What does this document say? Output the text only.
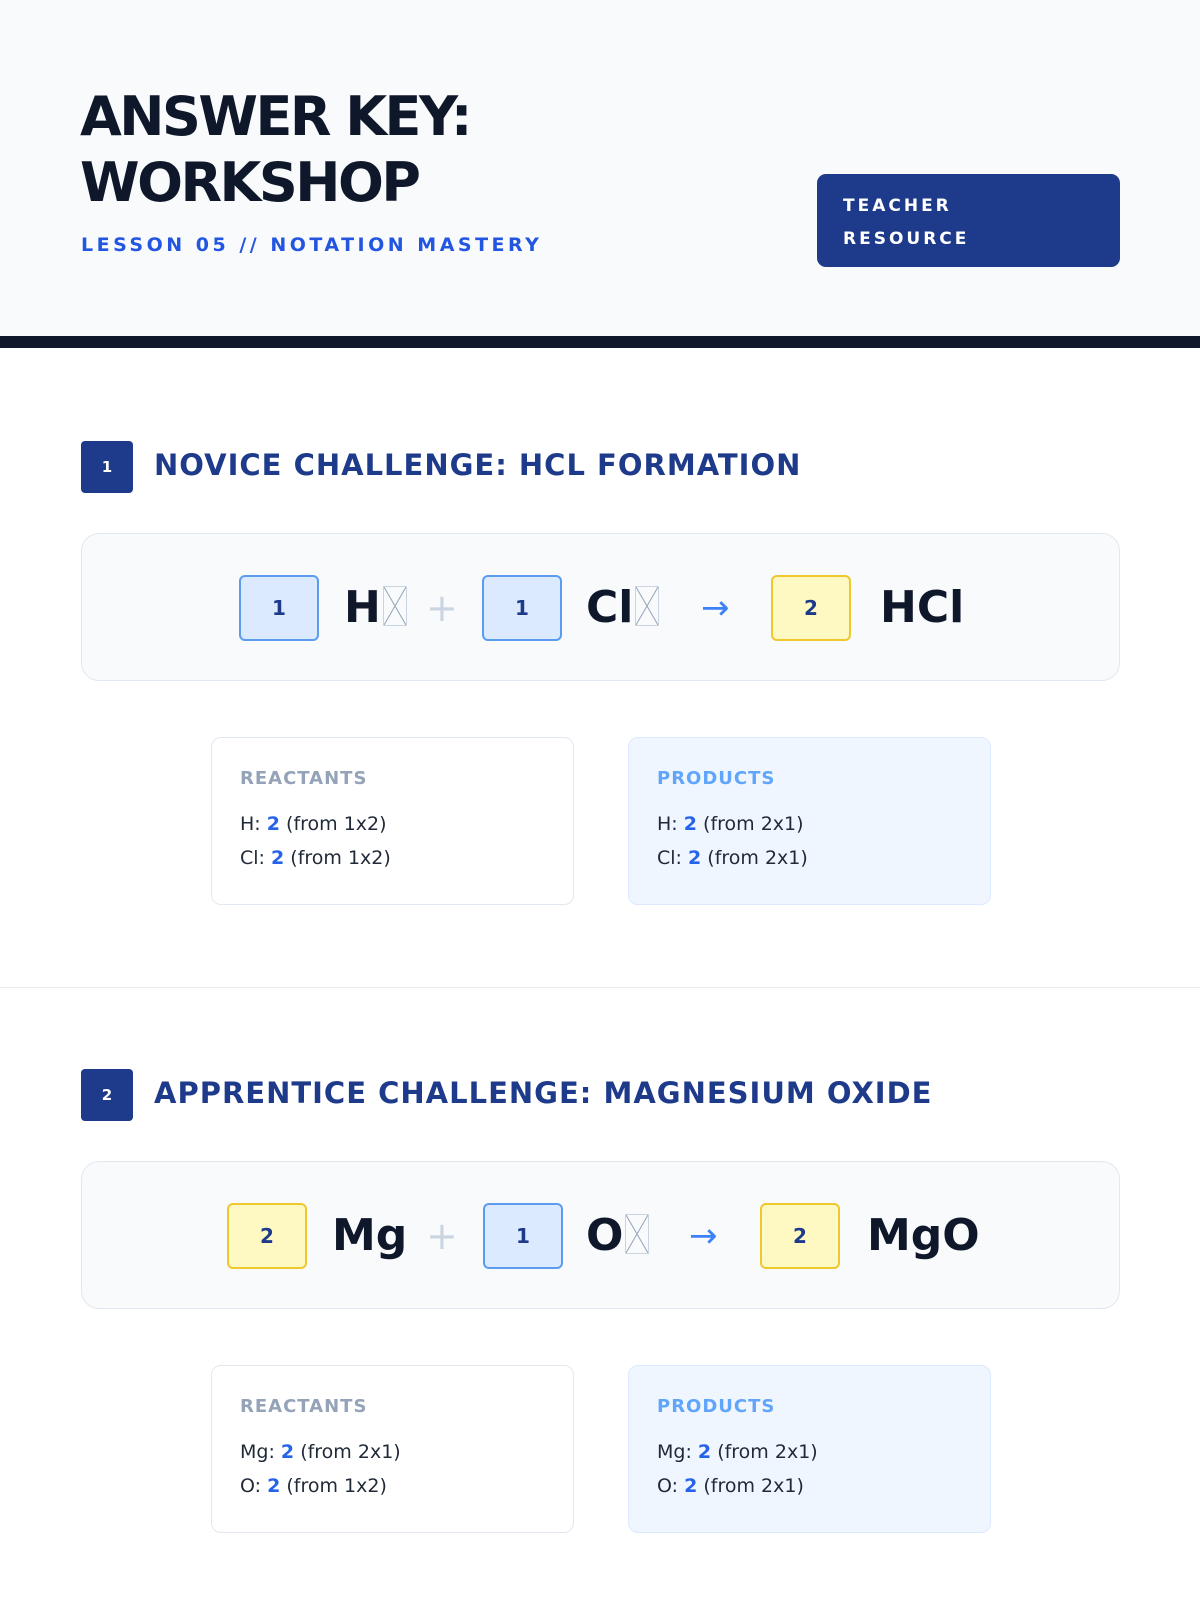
ANSWER KEY:
WORKSHOP
LESSON 05 // NOTATION MASTERY
TEACHER
RESOURCE
1	NOVICE CHALLENGE: HCL FORMATION
1	H	+	1	Cl	→	2	HCl
REACTANTS
H: 2 (from 1x2)
Cl: 2 (from 1x2)
PRODUCTS
H: 2 (from 2x1)
Cl: 2 (from 2x1)
2	APPRENTICE CHALLENGE: MAGNESIUM OXIDE
2	Mg +	1	O	→	2	MgO
REACTANTS
Mg: 2 (from 2x1)
O: 2 (from 1x2)
PRODUCTS
Mg: 2 (from 2x1)
O: 2 (from 2x1)
